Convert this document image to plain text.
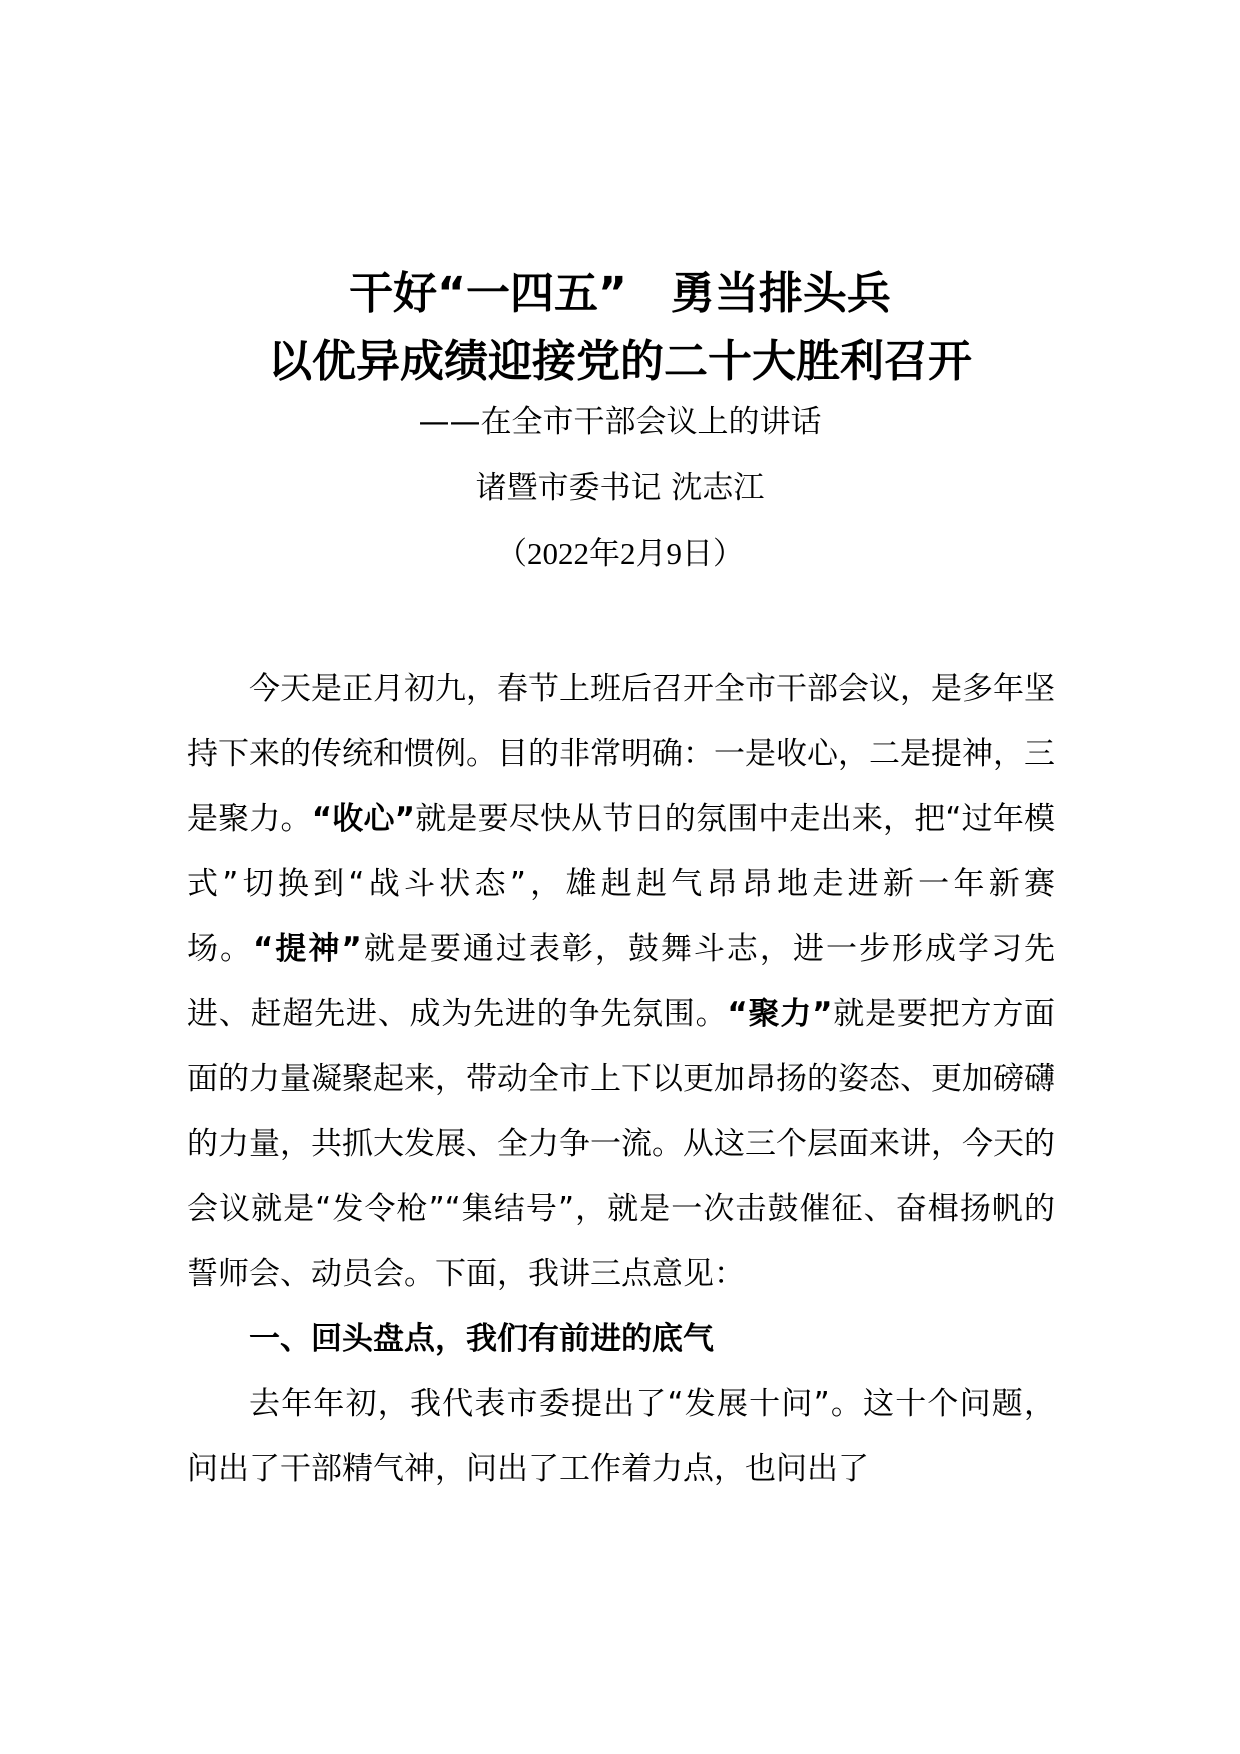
干好“一四五”　勇当排头兵
以优异成绩迎接党的二十大胜利召开
——在全市干部会议上的讲话
诸暨市委书记 沈志江
（2022年2月9日）

今天是正月初九，春节上班后召开全市干部会议，是多年坚持下来的传统和惯例。目的非常明确：一是收心，二是提神，三是聚力。“收心”就是要尽快从节日的氛围中走出来，把“过年模式”切换到“战斗状态”，雄赳赳气昂昂地走进新一年新赛场。“提神”就是要通过表彰，鼓舞斗志，进一步形成学习先进、赶超先进、成为先进的争先氛围。“聚力”就是要把方方面面的力量凝聚起来，带动全市上下以更加昂扬的姿态、更加磅礴的力量，共抓大发展、全力争一流。从这三个层面来讲，今天的会议就是“发令枪”“集结号”，就是一次击鼓催征、奋楫扬帆的誓师会、动员会。下面，我讲三点意见：

一、回头盘点，我们有前进的底气

去年年初，我代表市委提出了“发展十问”。这十个问题，问出了干部精气神，问出了工作着力点，也问出了
